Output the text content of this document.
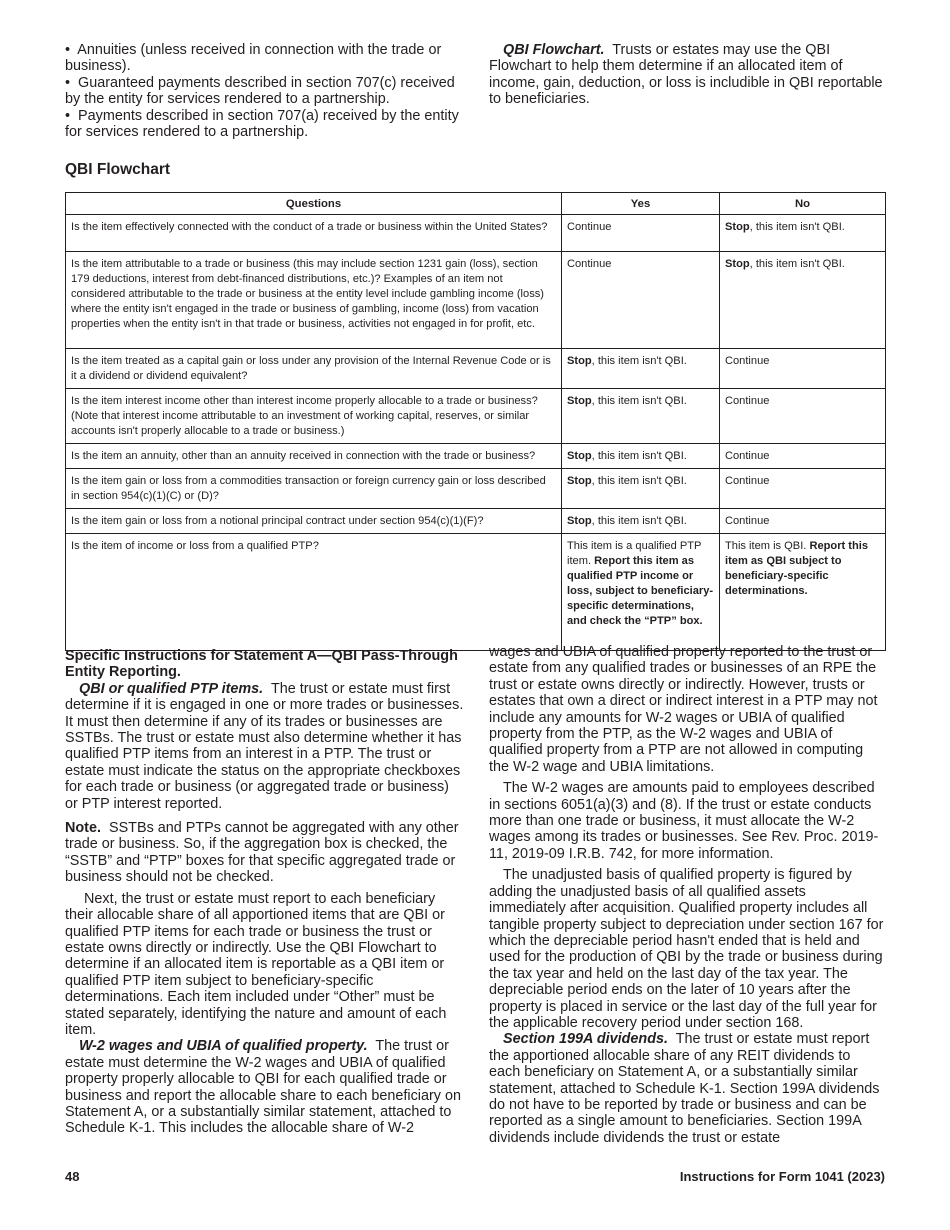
• Annuities (unless received in connection with the trade or business).

• Guaranteed payments described in section 707(c) received by the entity for services rendered to a partnership.

• Payments described in section 707(a) received by the entity for services rendered to a partnership.

QBI Flowchart. Trusts or estates may use the QBI Flowchart to help them determine if an allocated item of income, gain, deduction, or loss is includible in QBI reportable to beneficiaries.

QBI Flowchart
Questions	Yes	No
Is the item effectively connected with the conduct of a trade or business within the United States?	Continue	Stop, this item isn't QBI.
Is the item attributable to a trade or business (this may include section 1231 gain (loss), section 179 deductions, interest from debt-financed distributions, etc.)? Examples of an item not considered attributable to the trade or business at the entity level include gambling income (loss) where the entity isn't engaged in the trade or business of gambling, income (loss) from vacation properties when the entity isn't in that trade or business, activities not engaged in for profit, etc.	Continue	Stop, this item isn't QBI.
Is the item treated as a capital gain or loss under any provision of the Internal Revenue Code or is it a dividend or dividend equivalent?	Stop, this item isn't QBI.	Continue
Is the item interest income other than interest income properly allocable to a trade or business? (Note that interest income attributable to an investment of working capital, reserves, or similar accounts isn't properly allocable to a trade or business.)	Stop, this item isn't QBI.	Continue
Is the item an annuity, other than an annuity received in connection with the trade or business?	Stop, this item isn't QBI.	Continue
Is the item gain or loss from a commodities transaction or foreign currency gain or loss described in section 954(c)(1)(C) or (D)?	Stop, this item isn't QBI.	Continue
Is the item gain or loss from a notional principal contract under section 954(c)(1)(F)?	Stop, this item isn't QBI.	Continue
Is the item of income or loss from a qualified PTP?	This item is a qualified PTP item. Report this item as qualified PTP income or loss, subject to beneficiary-specific determinations, and check the “PTP” box.	This item is QBI. Report this item as QBI subject to beneficiary-specific determinations.

Specific Instructions for Statement A—QBI Pass-Through Entity Reporting.

QBI or qualified PTP items. The trust or estate must first determine if it is engaged in one or more trades or businesses. It must then determine if any of its trades or businesses are SSTBs. The trust or estate must also determine whether it has qualified PTP items from an interest in a PTP. The trust or estate must indicate the status on the appropriate checkboxes for each trade or business (or aggregated trade or business) or PTP interest reported.

Note. SSTBs and PTPs cannot be aggregated with any other trade or business. So, if the aggregation box is checked, the “SSTB” and “PTP” boxes for that specific aggregated trade or business should not be checked.

Next, the trust or estate must report to each beneficiary their allocable share of all apportioned items that are QBI or qualified PTP items for each trade or business the trust or estate owns directly or indirectly. Use the QBI Flowchart to determine if an allocated item is reportable as a QBI item or qualified PTP item subject to beneficiary-specific determinations. Each item included under “Other” must be stated separately, identifying the nature and amount of each item.

W-2 wages and UBIA of qualified property. The trust or estate must determine the W-2 wages and UBIA of qualified property properly allocable to QBI for each qualified trade or business and report the allocable share to each beneficiary on Statement A, or a substantially similar statement, attached to Schedule K-1. This includes the allocable share of W-2

wages and UBIA of qualified property reported to the trust or estate from any qualified trades or businesses of an RPE the trust or estate owns directly or indirectly. However, trusts or estates that own a direct or indirect interest in a PTP may not include any amounts for W-2 wages or UBIA of qualified property from the PTP, as the W-2 wages and UBIA of qualified property from a PTP are not allowed in computing the W-2 wage and UBIA limitations.

The W-2 wages are amounts paid to employees described in sections 6051(a)(3) and (8). If the trust or estate conducts more than one trade or business, it must allocate the W-2 wages among its trades or businesses. See Rev. Proc. 2019-11, 2019-09 I.R.B. 742, for more information.

The unadjusted basis of qualified property is figured by adding the unadjusted basis of all qualified assets immediately after acquisition. Qualified property includes all tangible property subject to depreciation under section 167 for which the depreciable period hasn't ended that is held and used for the production of QBI by the trade or business during the tax year and held on the last day of the tax year. The depreciable period ends on the later of 10 years after the property is placed in service or the last day of the full year for the applicable recovery period under section 168.

Section 199A dividends. The trust or estate must report the apportioned allocable share of any REIT dividends to each beneficiary on Statement A, or a substantially similar statement, attached to Schedule K-1. Section 199A dividends do not have to be reported by trade or business and can be reported as a single amount to beneficiaries. Section 199A dividends include dividends the trust or estate

48	Instructions for Form 1041 (2023)
